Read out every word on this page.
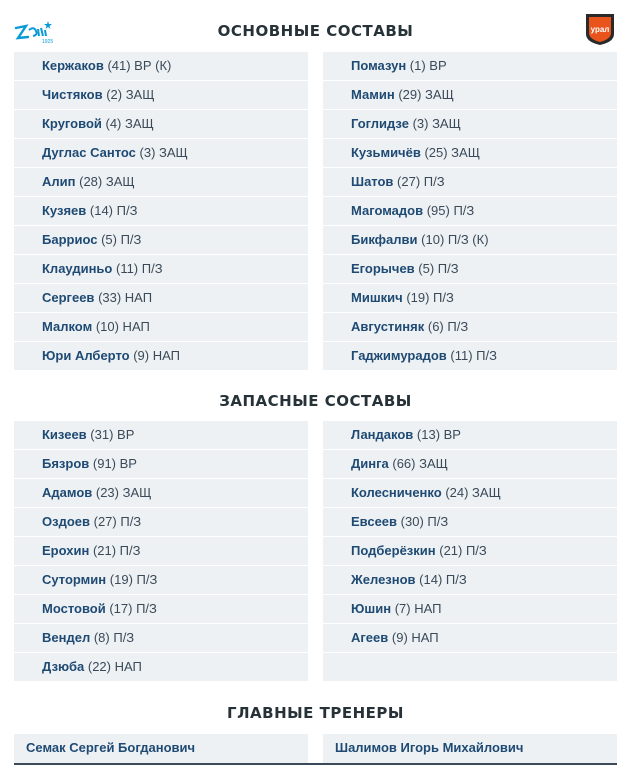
1925
урал
ОСНОВНЫЕ СОСТАВЫ
Кержаков (41) ВР (К)
Чистяков (2) ЗАЩ
Круговой (4) ЗАЩ
Дуглас Сантос (3) ЗАЩ
Алип (28) ЗАЩ
Кузяев (14) П/З
Барриос (5) П/З
Клаудиньо (11) П/З
Сергеев (33) НАП
Малком (10) НАП
Юри Алберто (9) НАП
Помазун (1) ВР
Мамин (29) ЗАЩ
Гоглидзе (3) ЗАЩ
Кузьмичёв (25) ЗАЩ
Шатов (27) П/З
Магомадов (95) П/З
Бикфалви (10) П/З (К)
Егорычев (5) П/З
Мишкич (19) П/З
Августиняк (6) П/З
Гаджимурадов (11) П/З
ЗАПАСНЫЕ СОСТАВЫ
Кизеев (31) ВР
Бязров (91) ВР
Адамов (23) ЗАЩ
Оздоев (27) П/З
Ерохин (21) П/З
Сутормин (19) П/З
Мостовой (17) П/З
Вендел (8) П/З
Дзюба (22) НАП
Ландаков (13) ВР
Динга (66) ЗАЩ
Колесниченко (24) ЗАЩ
Евсеев (30) П/З
Подберёзкин (21) П/З
Железнов (14) П/З
Юшин (7) НАП
Агеев (9) НАП
ГЛАВНЫЕ ТРЕНЕРЫ
Семак Сергей Богданович	Шалимов Игорь Михайлович
